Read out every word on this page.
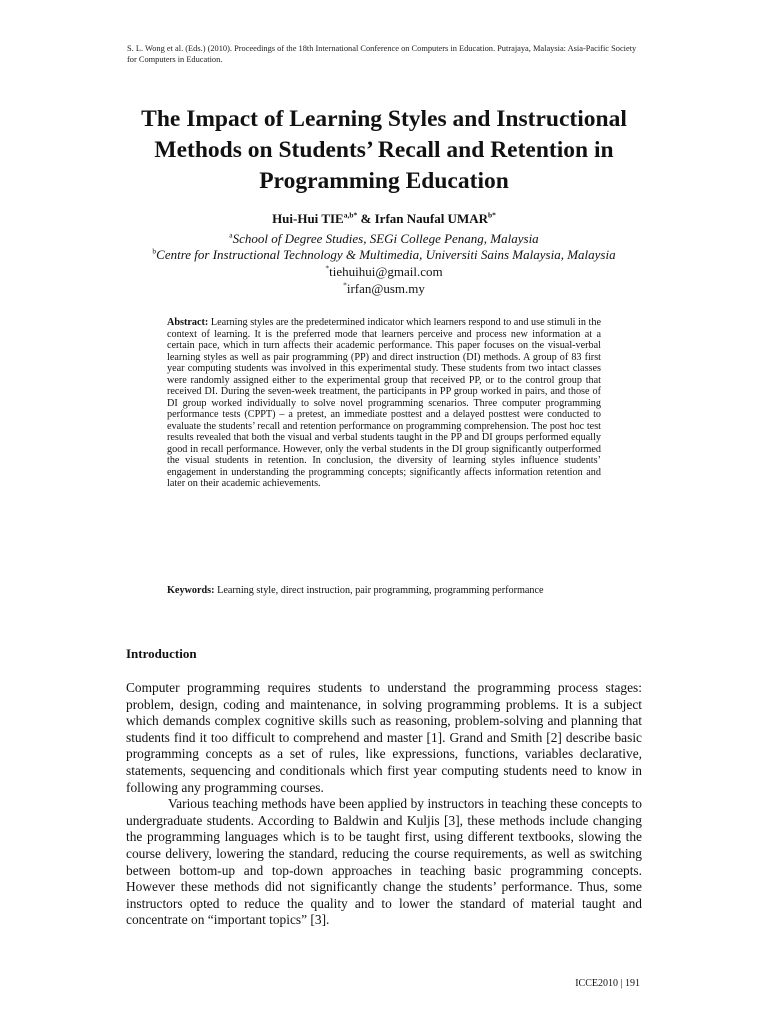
S. L. Wong et al. (Eds.) (2010). Proceedings of the 18th International Conference on Computers in Education. Putrajaya, Malaysia: Asia-Pacific Society for Computers in Education.
The Impact of Learning Styles and Instructional Methods on Students’ Recall and Retention in Programming Education
Hui-Hui $TIE^{a,b*}$ & Irfan Naufal $UMAR^{b*}$
$^a$School of Degree Studies, SEGi College Penang, Malaysia
$^b$Centre for Instructional Technology & Multimedia, Universiti Sains Malaysia, Malaysia
*tiehuihui@gmail.com
*irfan@usm.my
Abstract: Learning styles are the predetermined indicator which learners respond to and use stimuli in the context of learning. It is the preferred mode that learners perceive and process new information at a certain pace, which in turn affects their academic performance. This paper focuses on the visual-verbal learning styles as well as pair programming (PP) and direct instruction (DI) methods. A group of 83 first year computing students was involved in this experimental study. These students from two intact classes were randomly assigned either to the experimental group that received PP, or to the control group that received DI. During the seven-week treatment, the participants in PP group worked in pairs, and those of DI group worked individually to solve novel programming scenarios. Three computer programming performance tests (CPPT) – a pretest, an immediate posttest and a delayed posttest were conducted to evaluate the students’ recall and retention performance on programming comprehension. The post hoc test results revealed that both the visual and verbal students taught in the PP and DI groups performed equally good in recall performance. However, only the verbal students in the DI group significantly outperformed the visual students in retention. In conclusion, the diversity of learning styles influence students’ engagement in understanding the programming concepts; significantly affects information retention and later on their academic achievements.
Keywords: Learning style, direct instruction, pair programming, programming performance
Introduction

Computer programming requires students to understand the programming process stages: problem, design, coding and maintenance, in solving programming problems. It is a subject which demands complex cognitive skills such as reasoning, problem-solving and planning that students find it too difficult to comprehend and master [1]. Grand and Smith [2] describe basic programming concepts as a set of rules, like expressions, functions, variables declarative, statements, sequencing and conditionals which first year computing students need to know in following any programming courses.

Various teaching methods have been applied by instructors in teaching these concepts to undergraduate students. According to Baldwin and Kuljis [3], these methods include changing the programming languages which is to be taught first, using different textbooks, slowing the course delivery, lowering the standard, reducing the course requirements, as well as switching between bottom-up and top-down approaches in teaching basic programming concepts. However these methods did not significantly change the students’ performance. Thus, some instructors opted to reduce the quality and to lower the standard of material taught and concentrate on “important topics” [3].

ICCE2010 | 191
